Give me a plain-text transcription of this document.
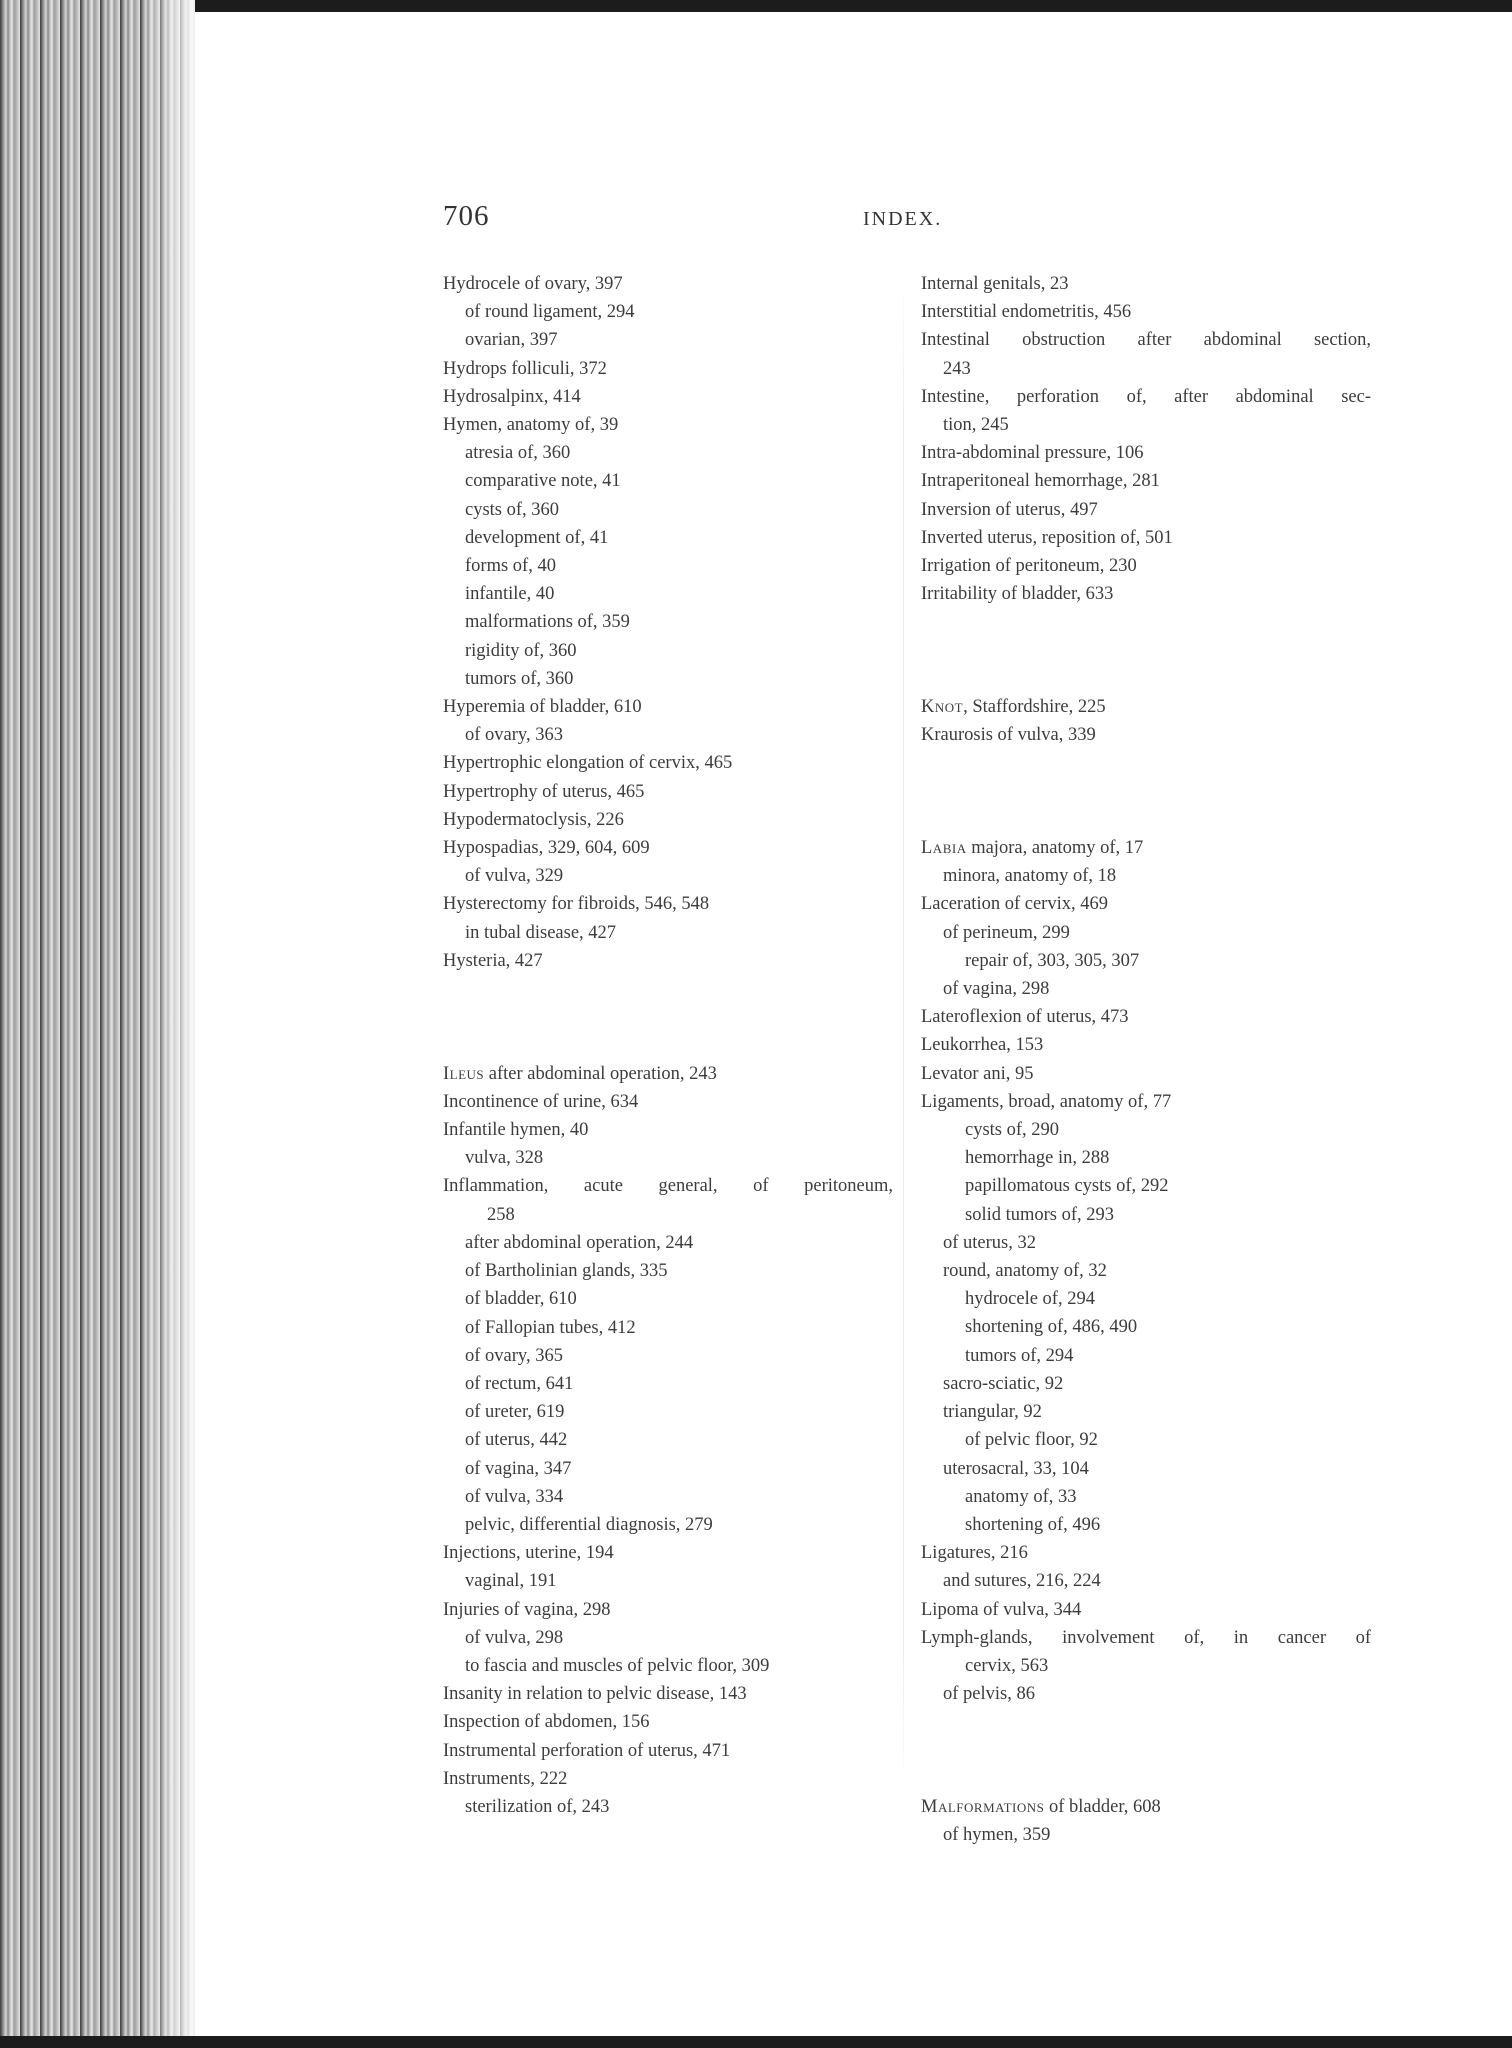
706	INDEX.
Hydrocele of ovary, 397
of round ligament, 294
ovarian, 397
Hydrops folliculi, 372
Hydrosalpinx, 414
Hymen, anatomy of, 39
atresia of, 360
comparative note, 41
cysts of, 360
development of, 41
forms of, 40
infantile, 40
malformations of, 359
rigidity of, 360
tumors of, 360
Hyperemia of bladder, 610
of ovary, 363
Hypertrophic elongation of cervix, 465
Hypertrophy of uterus, 465
Hypodermatoclysis, 226
Hypospadias, 329, 604, 609
of vulva, 329
Hysterectomy for fibroids, 546, 548
in tubal disease, 427
Hysteria, 427
Ileus after abdominal operation, 243
Incontinence of urine, 634
Infantile hymen, 40
vulva, 328
Inflammation, acute general, of peritoneum,
258
after abdominal operation, 244
of Bartholinian glands, 335
of bladder, 610
of Fallopian tubes, 412
of ovary, 365
of rectum, 641
of ureter, 619
of uterus, 442
of vagina, 347
of vulva, 334
pelvic, differential diagnosis, 279
Injections, uterine, 194
vaginal, 191
Injuries of vagina, 298
of vulva, 298
to fascia and muscles of pelvic floor, 309
Insanity in relation to pelvic disease, 143
Inspection of abdomen, 156
Instrumental perforation of uterus, 471
Instruments, 222
sterilization of, 243
Internal genitals, 23
Interstitial endometritis, 456
Intestinal obstruction after abdominal section,
243
Intestine, perforation of, after abdominal sec-
tion, 245
Intra-abdominal pressure, 106
Intraperitoneal hemorrhage, 281
Inversion of uterus, 497
Inverted uterus, reposition of, 501
Irrigation of peritoneum, 230
Irritability of bladder, 633
Knot, Staffordshire, 225
Kraurosis of vulva, 339
Labia majora, anatomy of, 17
minora, anatomy of, 18
Laceration of cervix, 469
of perineum, 299
repair of, 303, 305, 307
of vagina, 298
Lateroflexion of uterus, 473
Leukorrhea, 153
Levator ani, 95
Ligaments, broad, anatomy of, 77
cysts of, 290
hemorrhage in, 288
papillomatous cysts of, 292
solid tumors of, 293
of uterus, 32
round, anatomy of, 32
hydrocele of, 294
shortening of, 486, 490
tumors of, 294
sacro-sciatic, 92
triangular, 92
of pelvic floor, 92
uterosacral, 33, 104
anatomy of, 33
shortening of, 496
Ligatures, 216
and sutures, 216, 224
Lipoma of vulva, 344
Lymph-glands, involvement of, in cancer of
cervix, 563
of pelvis, 86
Malformations of bladder, 608
of hymen, 359
